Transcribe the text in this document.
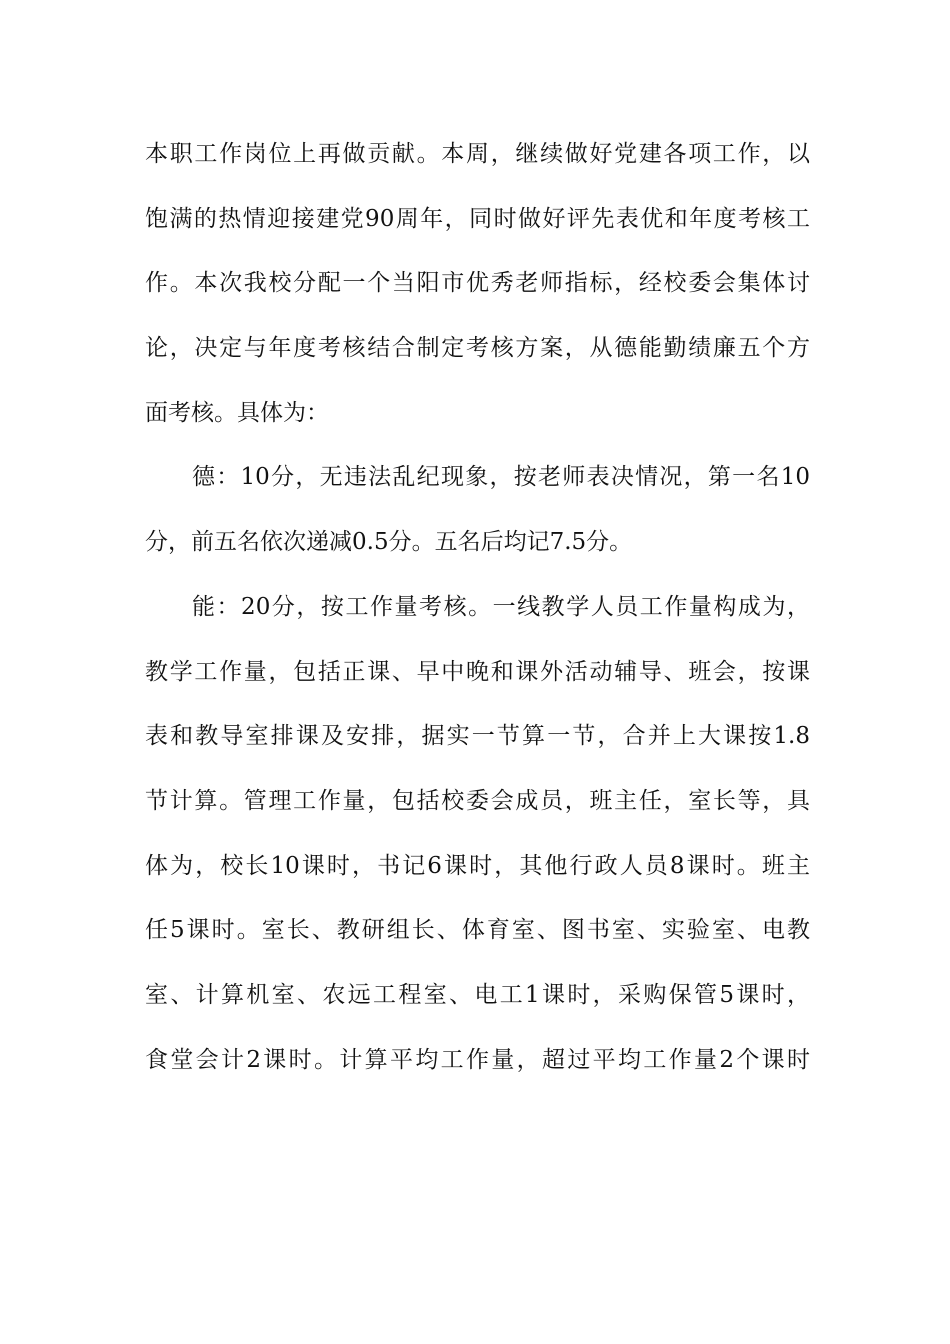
本职工作岗位上再做贡献。本周，继续做好党建各项工作，以
饱满的热情迎接建党90周年，同时做好评先表优和年度考核工
作。本次我校分配一个当阳市优秀老师指标，经校委会集体讨
论，决定与年度考核结合制定考核方案，从德能勤绩廉五个方
面考核。具体为：
德：10分，无违法乱纪现象，按老师表决情况，第一名10
分，前五名依次递减0.5分。五名后均记7.5分。
能：20分，按工作量考核。一线教学人员工作量构成为，
教学工作量，包括正课、早中晚和课外活动辅导、班会，按课
表和教导室排课及安排，据实一节算一节，合并上大课按1.8
节计算。管理工作量，包括校委会成员，班主任，室长等，具
体为，校长10课时，书记6课时，其他行政人员8课时。班主
任5课时。室长、教研组长、体育室、图书室、实验室、电教
室、计算机室、农远工程室、电工1课时，采购保管5课时，
食堂会计2课时。计算平均工作量，超过平均工作量2个课时
